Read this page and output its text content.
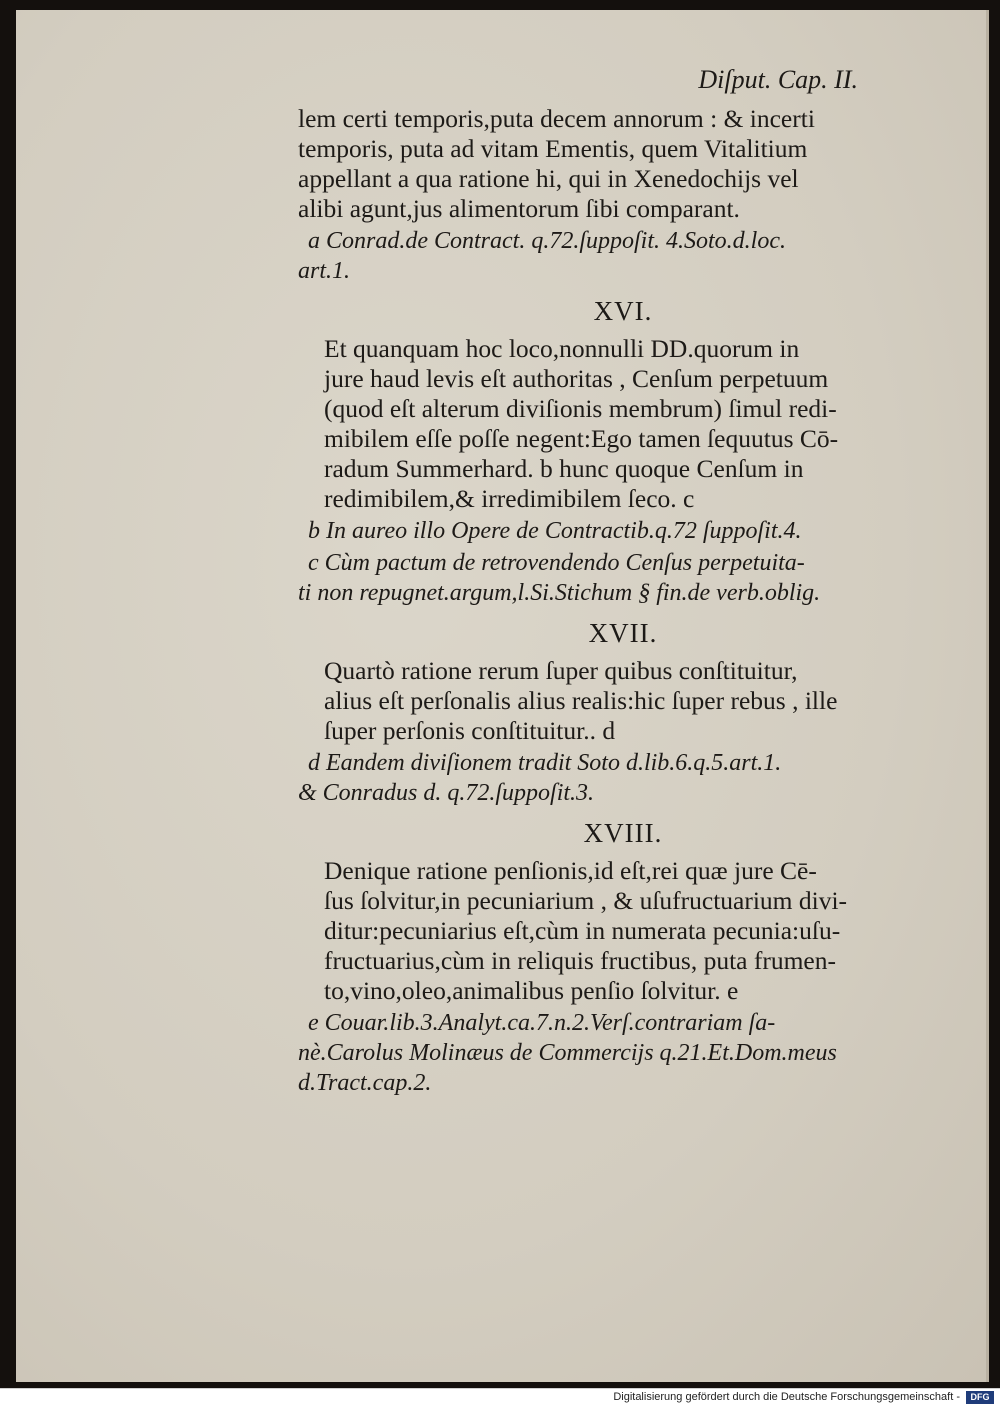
Diſput. Cap. II.
lem certi temporis,puta decem annorum : & incerti
temporis, puta ad vitam Ementis, quem Vitalitium
appellant a qua ratione hi, qui in Xenedochijs vel
alibi agunt,jus alimentorum ſibi comparant.
a Conrad.de Contract. q.72.ſuppoſit. 4.Soto.d.loc.
art.1.
XVI.
Et quanquam hoc loco,nonnulli DD.quorum in
jure haud levis eſt authoritas , Cenſum perpetuum
(quod eſt alterum diviſionis membrum) ſimul redi-
mibilem eſſe poſſe negent:Ego tamen ſequutus Cō-
radum Summerhard. b hunc quoque Cenſum in
redimibilem,& irredimibilem ſeco. c
b In aureo illo Opere de Contractib.q.72 ſuppoſit.4.
c Cùm pactum de retrovendendo Cenſus perpetuita-
ti non repugnet.argum,l.Si.Stichum § fin.de verb.oblig.
XVII.
Quartò ratione rerum ſuper quibus conſtituitur,
alius eſt perſonalis alius realis:hic ſuper rebus , ille
ſuper perſonis conſtituitur.. d
d Eandem diviſionem tradit Soto d.lib.6.q.5.art.1.
& Conradus d. q.72.ſuppoſit.3.
XVIII.
Denique ratione penſionis,id eſt,rei quæ jure Cē-
ſus ſolvitur,in pecuniarium , & uſufructuarium divi-
ditur:pecuniarius eſt,cùm in numerata pecunia:uſu-
fructuarius,cùm in reliquis fructibus, puta frumen-
to,vino,oleo,animalibus penſio ſolvitur. e
e Couar.lib.3.Analyt.ca.7.n.2.Verſ.contrariam ſa-
nè.Carolus Molinæus de Commercijs q.21.Et.Dom.meus
d.Tract.cap.2.
Digitalisierung gefördert durch die Deutsche Forschungsgemeinschaft -	DFG
